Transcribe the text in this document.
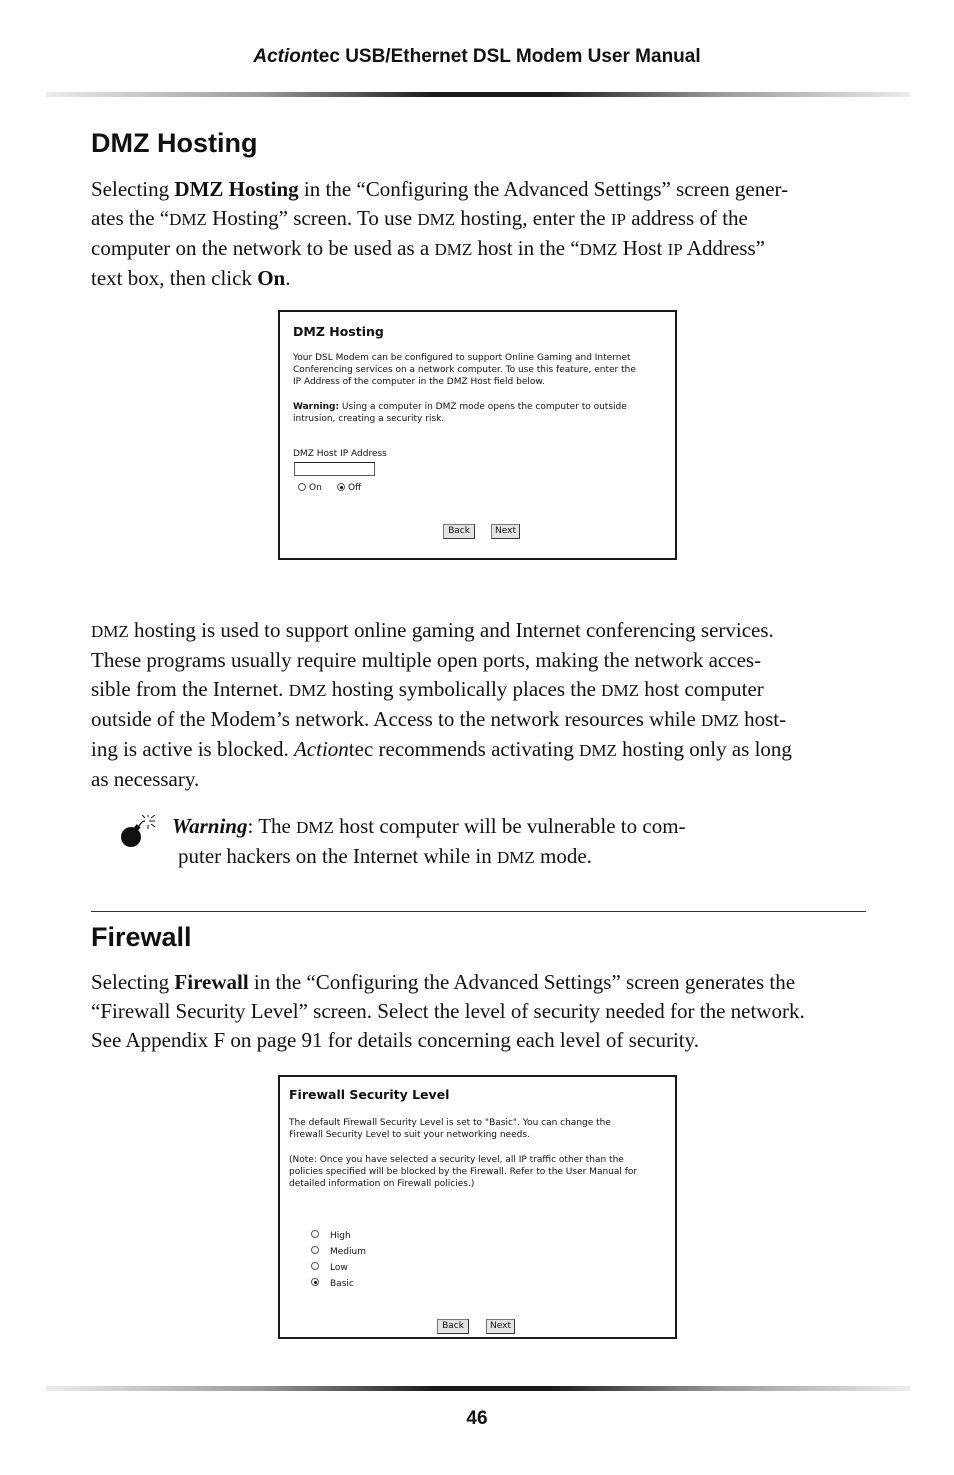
Actiontec USB/Ethernet DSL Modem User Manual
DMZ Hosting
Selecting DMZ Hosting in the “Configuring the Advanced Settings” screen gener-
ates the “DMZ Hosting” screen. To use DMZ hosting, enter the IP address of the
computer on the network to be used as a DMZ host in the “DMZ Host IP Address”
text box, then click On.
DMZ Hosting
Your DSL Modem can be configured to support Online Gaming and Internet
Conferencing services on a network computer. To use this feature, enter the
IP Address of the computer in the DMZ Host field below.
Warning: Using a computer in DMZ mode opens the computer to outside
intrusion, creating a security risk.
DMZ Host IP Address
On	Off
Back	Next
DMZ hosting is used to support online gaming and Internet conferencing services.
These programs usually require multiple open ports, making the network acces-
sible from the Internet. DMZ hosting symbolically places the DMZ host computer
outside of the Modem’s network. Access to the network resources while DMZ host-
ing is active is blocked. Actiontec recommends activating DMZ hosting only as long
as necessary.
Warning: The DMZ host computer will be vulnerable to com-
puter hackers on the Internet while in DMZ mode.
Firewall
Selecting Firewall in the “Configuring the Advanced Settings” screen generates the
“Firewall Security Level” screen. Select the level of security needed for the network.
See Appendix F on page 91 for details concerning each level of security.
Firewall Security Level
The default Firewall Security Level is set to "Basic". You can change the
Firewall Security Level to suit your networking needs.
(Note: Once you have selected a security level, all IP traffic other than the
policies specified will be blocked by the Firewall. Refer to the User Manual for
detailed information on Firewall policies.)
High
Medium
Low
Basic
Back	Next
46
